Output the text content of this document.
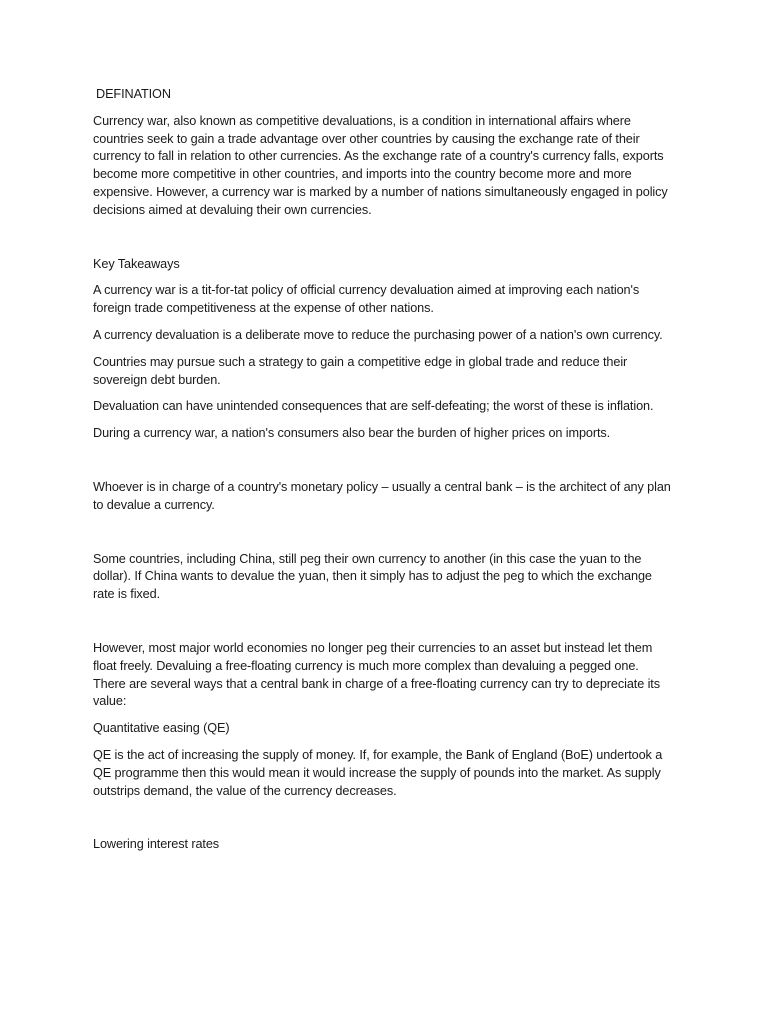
DEFINATION

Currency war, also known as competitive devaluations, is a condition in international affairs where countries seek to gain a trade advantage over other countries by causing the exchange rate of their currency to fall in relation to other currencies. As the exchange rate of a country's currency falls, exports become more competitive in other countries, and imports into the country become more and more expensive. However, a currency war is marked by a number of nations simultaneously engaged in policy decisions aimed at devaluing their own currencies.

Key Takeaways

A currency war is a tit-for-tat policy of official currency devaluation aimed at improving each nation's foreign trade competitiveness at the expense of other nations.

A currency devaluation is a deliberate move to reduce the purchasing power of a nation's own currency.

Countries may pursue such a strategy to gain a competitive edge in global trade and reduce their sovereign debt burden.

Devaluation can have unintended consequences that are self-defeating; the worst of these is inflation.

During a currency war, a nation's consumers also bear the burden of higher prices on imports.

Whoever is in charge of a country's monetary policy – usually a central bank – is the architect of any plan to devalue a currency.

Some countries, including China, still peg their own currency to another (in this case the yuan to the dollar). If China wants to devalue the yuan, then it simply has to adjust the peg to which the exchange rate is fixed.

However, most major world economies no longer peg their currencies to an asset but instead let them float freely. Devaluing a free-floating currency is much more complex than devaluing a pegged one. There are several ways that a central bank in charge of a free-floating currency can try to depreciate its value:

Quantitative easing (QE)

QE is the act of increasing the supply of money. If, for example, the Bank of England (BoE) undertook a QE programme then this would mean it would increase the supply of pounds into the market. As supply outstrips demand, the value of the currency decreases.

Lowering interest rates
